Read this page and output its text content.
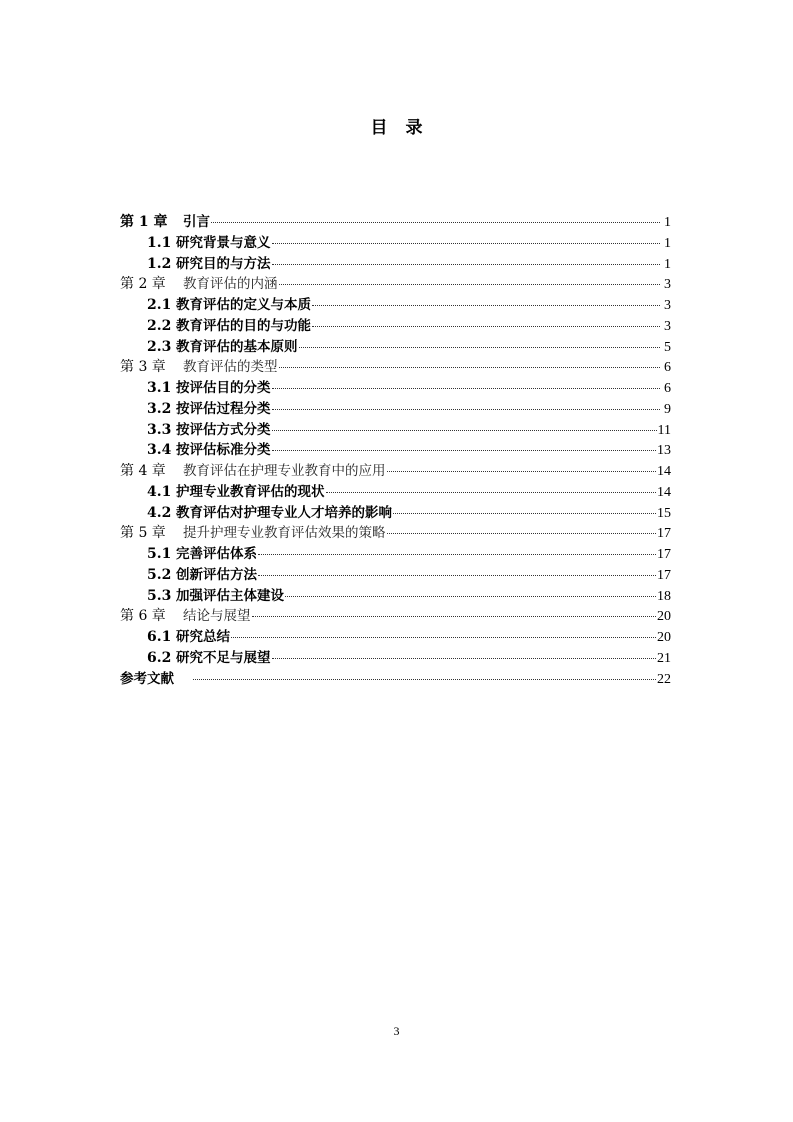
目 录
第 1 章	引言	1
1.1 研究背景与意义	1
1.2 研究目的与方法	1
第 2 章	教育评估的内涵	3
2.1 教育评估的定义与本质	3
2.2 教育评估的目的与功能	3
2.3 教育评估的基本原则	5
第 3 章	教育评估的类型	6
3.1 按评估目的分类	6
3.2 按评估过程分类	9
3.3 按评估方式分类	11
3.4 按评估标准分类	13
第 4 章	教育评估在护理专业教育中的应用	14
4.1 护理专业教育评估的现状	14
4.2 教育评估对护理专业人才培养的影响	15
第 5 章	提升护理专业教育评估效果的策略	17
5.1 完善评估体系	17
5.2 创新评估方法	17
5.3 加强评估主体建设	18
第 6 章	结论与展望	20
6.1 研究总结	20
6.2 研究不足与展望	21
参考文献	22
3
